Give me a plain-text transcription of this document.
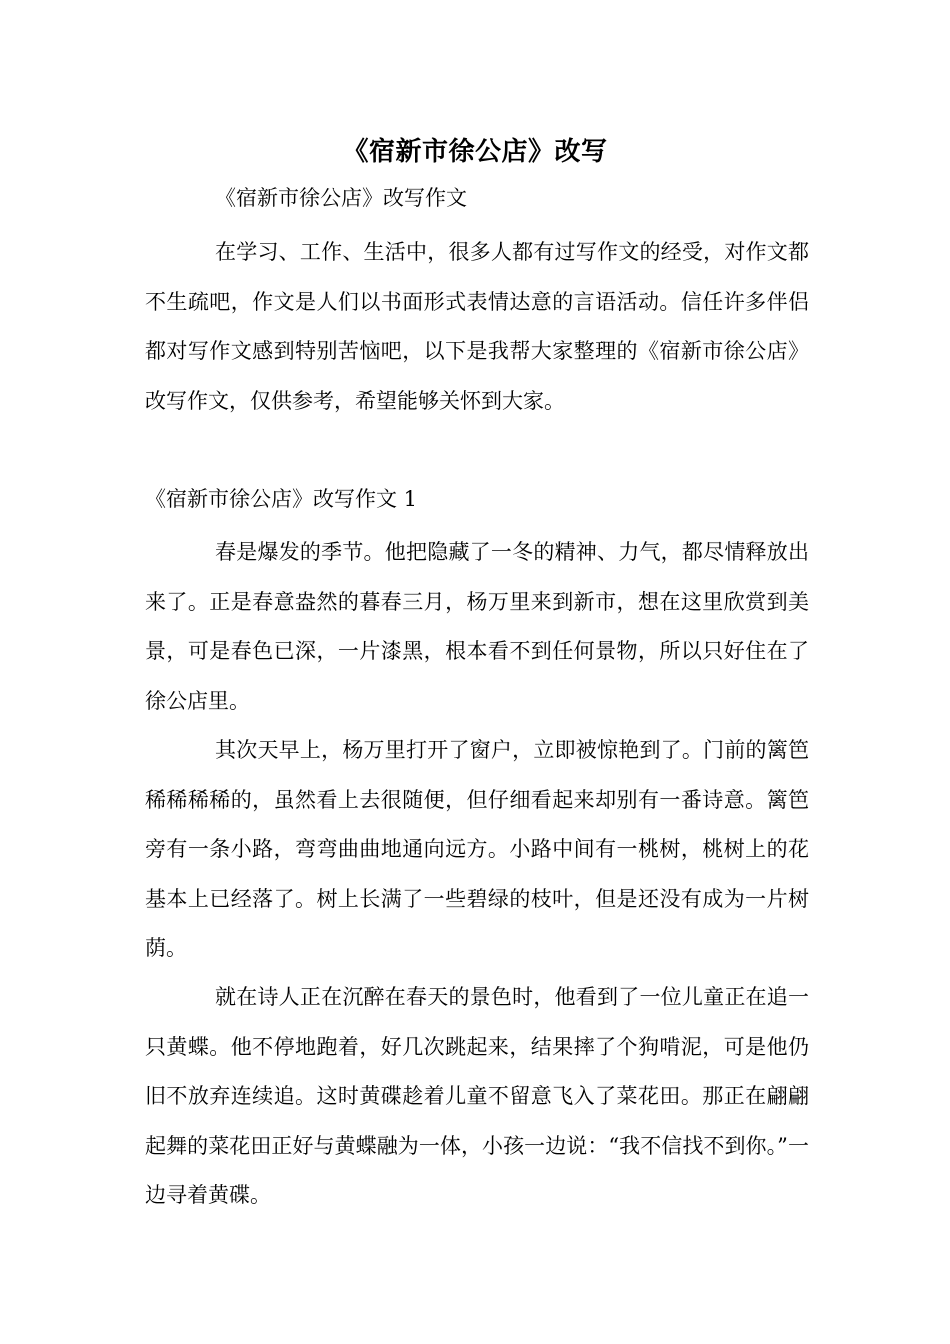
《宿新市徐公店》改写
《宿新市徐公店》改写作文

在学习、工作、生活中，很多人都有过写作文的经受，对作文都不生疏吧，作文是人们以书面形式表情达意的言语活动。信任许多伴侣都对写作文感到特别苦恼吧，以下是我帮大家整理的《宿新市徐公店》改写作文，仅供参考，希望能够关怀到大家。

《宿新市徐公店》改写作文 1

春是爆发的季节。他把隐藏了一冬的精神、力气，都尽情释放出来了。正是春意盎然的暮春三月，杨万里来到新市，想在这里欣赏到美景，可是春色已深，一片漆黑，根本看不到任何景物，所以只好住在了徐公店里。

其次天早上，杨万里打开了窗户，立即被惊艳到了。门前的篱笆稀稀稀稀的，虽然看上去很随便，但仔细看起来却别有一番诗意。篱笆旁有一条小路，弯弯曲曲地通向远方。小路中间有一桃树，桃树上的花基本上已经落了。树上长满了一些碧绿的枝叶，但是还没有成为一片树荫。

就在诗人正在沉醉在春天的景色时，他看到了一位儿童正在追一只黄蝶。他不停地跑着，好几次跳起来，结果摔了个狗啃泥，可是他仍旧不放弃连续追。这时黄碟趁着儿童不留意飞入了菜花田。那正在翩翩起舞的菜花田正好与黄蝶融为一体，小孩一边说：“我不信找不到你。”一边寻着黄碟。
